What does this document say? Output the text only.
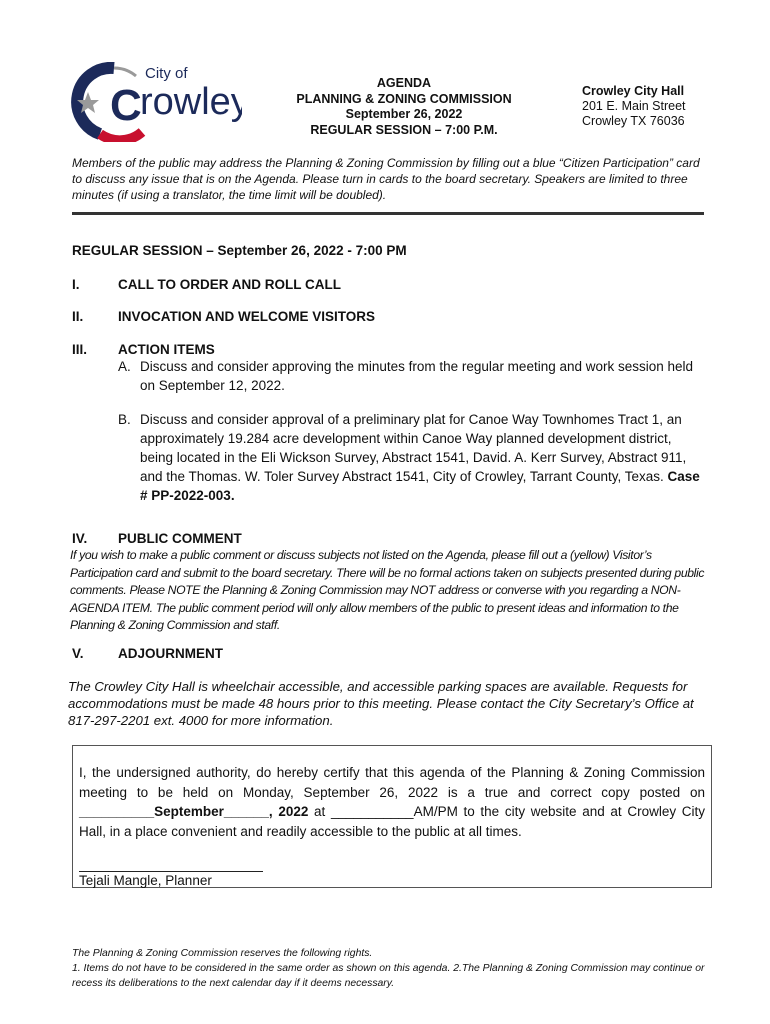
City of
C
rowley	AGENDA
PLANNING & ZONING COMMISSION
September 26, 2022
REGULAR SESSION – 7:00 P.M.
Crowley City Hall
201 E. Main Street
Crowley TX 76036
Members of the public may address the Planning & Zoning Commission by filling out a blue “Citizen Participation” card to discuss any issue that is on the Agenda. Please turn in cards to the board secretary. Speakers are limited to three minutes (if using a translator, the time limit will be doubled).
REGULAR SESSION – September 26, 2022 - 7:00 PM
I.	CALL TO ORDER AND ROLL CALL
II.	INVOCATION AND WELCOME VISITORS
III. ACTION ITEMS
A. Discuss and consider approving the minutes from the regular meeting and work session held on September 12, 2022.
B. Discuss and consider approval of a preliminary plat for Canoe Way Townhomes Tract 1, an approximately 19.284 acre development within Canoe Way planned development district, being located in the Eli Wickson Survey, Abstract 1541, David. A. Kerr Survey, Abstract 911, and the Thomas. W. Toler Survey Abstract 1541, City of Crowley, Tarrant County, Texas. Case # PP-2022-003.
IV. PUBLIC COMMENT
If you wish to make a public comment or discuss subjects not listed on the Agenda, please fill out a (yellow) Visitor’s Participation card and submit to the board secretary. There will be no formal actions taken on subjects presented during public comments. Please NOTE the Planning & Zoning Commission may NOT address or converse with you regarding a NON-AGENDA ITEM. The public comment period will only allow members of the public to present ideas and information to the Planning & Zoning Commission and staff.
V.	ADJOURNMENT
The Crowley City Hall is wheelchair accessible, and accessible parking spaces are available. Requests for accommodations must be made 48 hours prior to this meeting. Please contact the City Secretary’s Office at 817-297-2201 ext. 4000 for more information.
I, the undersigned authority, do hereby certify that this agenda of the Planning & Zoning Commission meeting to be held on Monday, September 26, 2022 is a true and correct copy posted on __________September______, 2022 at ___________AM/PM to the city website and at Crowley City Hall, in a place convenient and readily accessible to the public at all times.
Tejali Mangle, Planner
The Planning & Zoning Commission reserves the following rights.
1. Items do not have to be considered in the same order as shown on this agenda. 2.The Planning & Zoning Commission may continue or recess its deliberations to the next calendar day if it deems necessary.
